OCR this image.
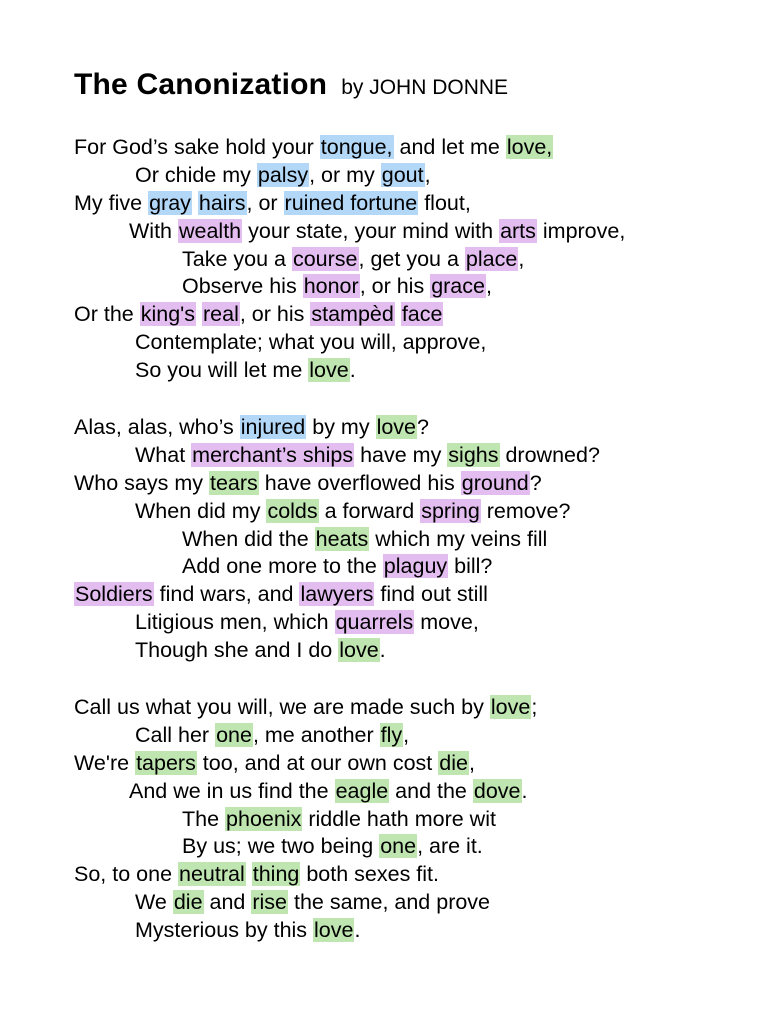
The Canonization by JOHN DONNE
For God’s sake hold your tongue, and let me love,
Or chide my palsy, or my gout,
My five gray hairs, or ruined fortune flout,
With wealth your state, your mind with arts improve,
Take you a course, get you a place,
Observe his honor, or his grace,
Or the king's real, or his stampèd face
Contemplate; what you will, approve,
So you will let me love.
Alas, alas, who’s injured by my love?
What merchant’s ships have my sighs drowned?
Who says my tears have overflowed his ground?
When did my colds a forward spring remove?
When did the heats which my veins fill
Add one more to the plaguy bill?
Soldiers find wars, and lawyers find out still
Litigious men, which quarrels move,
Though she and I do love.
Call us what you will, we are made such by love;
Call her one, me another fly,
We're tapers too, and at our own cost die,
And we in us find the eagle and the dove.
The phoenix riddle hath more wit
By us; we two being one, are it.
So, to one neutral thing both sexes fit.
We die and rise the same, and prove
Mysterious by this love.
